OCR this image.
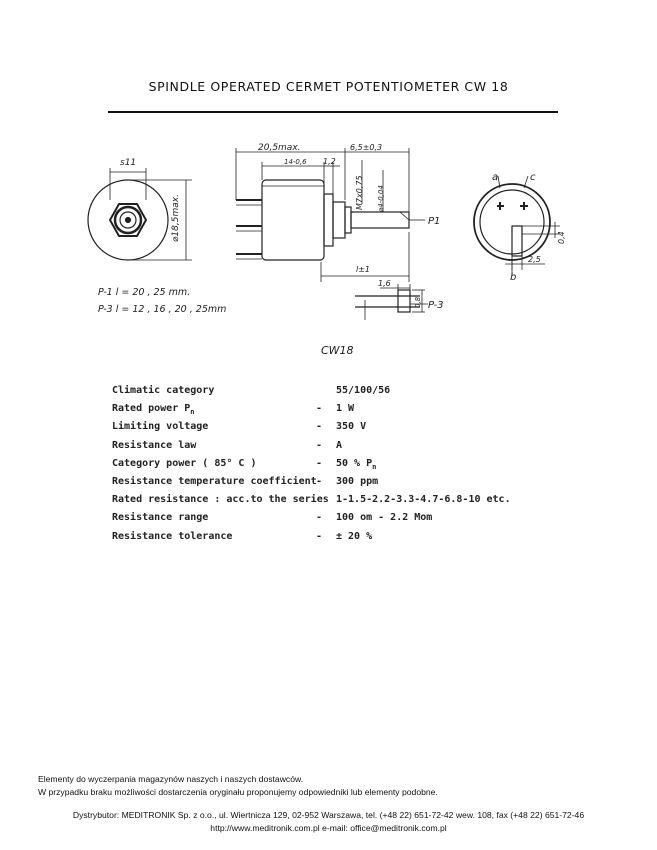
SPINDLE OPERATED CERMET POTENTIOMETER CW 18
s11
⌀18,5max.
20,5max.	6,5±0,3
14-0,6 1,2
M7x0,75 ⌀4-0,04
l±1
1,6
0,8
P1
P-3
a	c
b
0,4
2,5
P-1 l = 20 , 25 mm.
P-3 l = 12 , 16 , 20 , 25mm
CW18
Climatic category	55/100/56
Rated power $P_n$	- 1 W
Limiting voltage	- 350 V
Resistance law	- A
Category power ( 85° C )	- 50 % $P_n$
Resistance temperature coefficient - 300 ppm
Rated resistance : acc.to the series 1-1.5-2.2-3.3-4.7-6.8-10 etc.
Resistance range	- 100 om - 2.2 Mom
Resistance tolerance	- ± 20 %
Elementy do wyczerpania magazynów naszych i naszych dostawców.
W przypadku braku możliwości dostarczenia oryginału proponujemy odpowiedniki lub elementy podobne.
Dystrybutor: MEDITRONIK Sp. z o.o., ul. Wiertnicza 129, 02-952 Warszawa, tel. (+48 22) 651-72-42 wew. 108, fax (+48 22) 651-72-46
http://www.meditronik.com.pl e-mail: office@meditronik.com.pl
